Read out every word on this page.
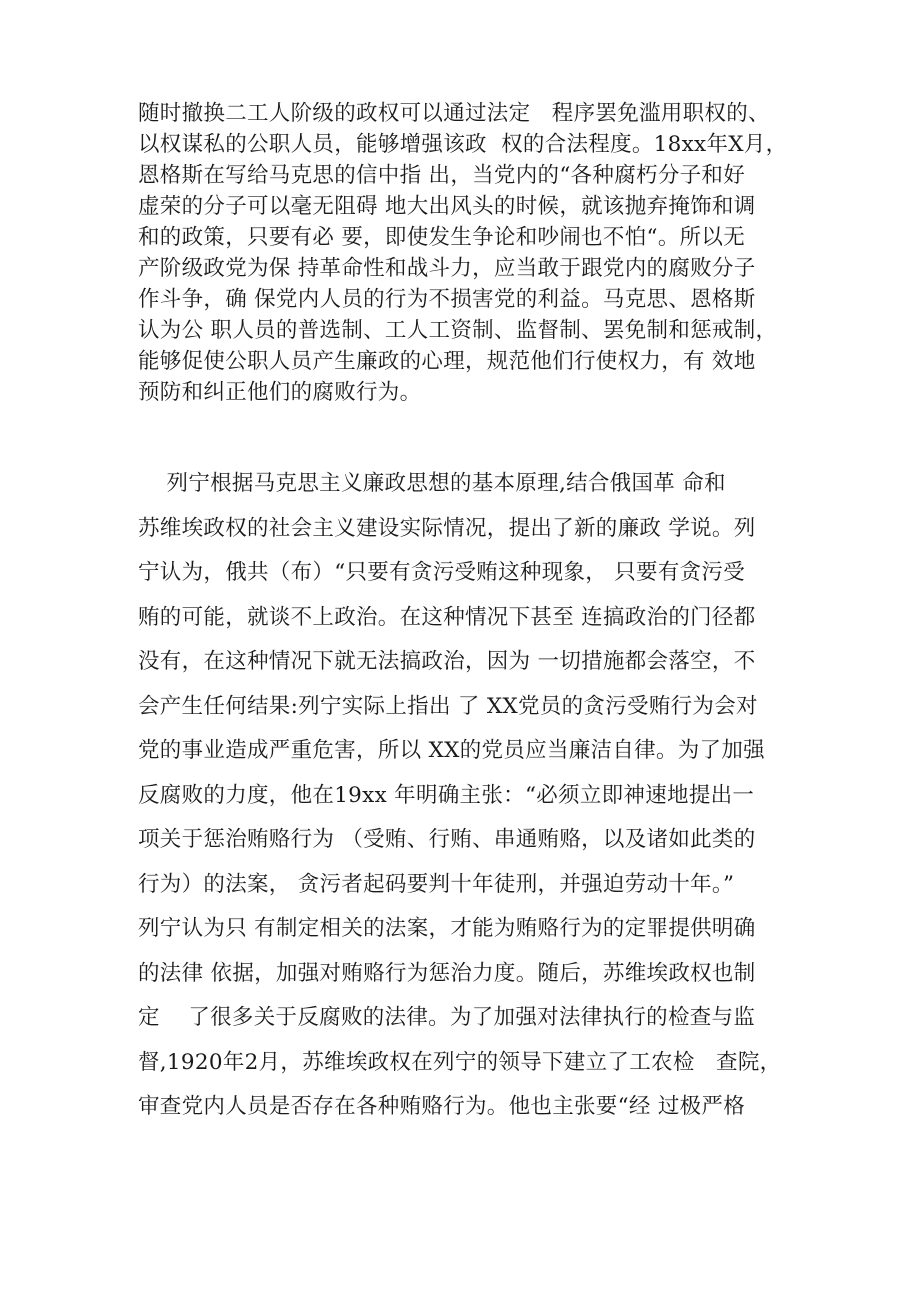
随时撤换二工人阶级的政权可以通过法定   程序罢免滥用职权的、
以权谋私的公职人员，能够增强该政  权的合法程度。18xx年X月，
恩格斯在写给马克思的信中指 出，当党内的“各种腐朽分子和好
虚荣的分子可以毫无阻碍 地大出风头的时候，就该抛弃掩饰和调
和的政策，只要有必 要，即使发生争论和吵闹也不怕“。所以无
产阶级政党为保 持革命性和战斗力，应当敢于跟党内的腐败分子
作斗争，确 保党内人员的行为不损害党的利益。马克思、恩格斯
认为公 职人员的普选制、工人工资制、监督制、罢免制和惩戒制，
能够促使公职人员产生廉政的心理，规范他们行使权力，有 效地
预防和纠正他们的腐败行为。
列宁根据马克思主义廉政思想的基本原理,结合俄国革 命和
苏维埃政权的社会主义建设实际情况，提出了新的廉政 学说。列
宁认为，俄共（布）“只要有贪污受贿这种现象， 只要有贪污受
贿的可能，就谈不上政治。在这种情况下甚至 连搞政治的门径都
没有，在这种情况下就无法搞政治，因为 一切措施都会落空，不
会产生任何结果:列宁实际上指出 了 XX党员的贪污受贿行为会对
党的事业造成严重危害，所以 XX的党员应当廉洁自律。为了加强
反腐败的力度，他在19xx 年明确主张：“必须立即神速地提出一
项关于惩治贿赂行为 （受贿、行贿、串通贿赂，以及诸如此类的
行为）的法案， 贪污者起码要判十年徒刑，并强迫劳动十年。”
列宁认为只 有制定相关的法案，才能为贿赂行为的定罪提供明确
的法律 依据，加强对贿赂行为惩治力度。随后，苏维埃政权也制
定    了很多关于反腐败的法律。为了加强对法律执行的检查与监
督,1920年2月，苏维埃政权在列宁的领导下建立了工农检   查院，
审查党内人员是否存在各种贿赂行为。他也主张要“经 过极严格
